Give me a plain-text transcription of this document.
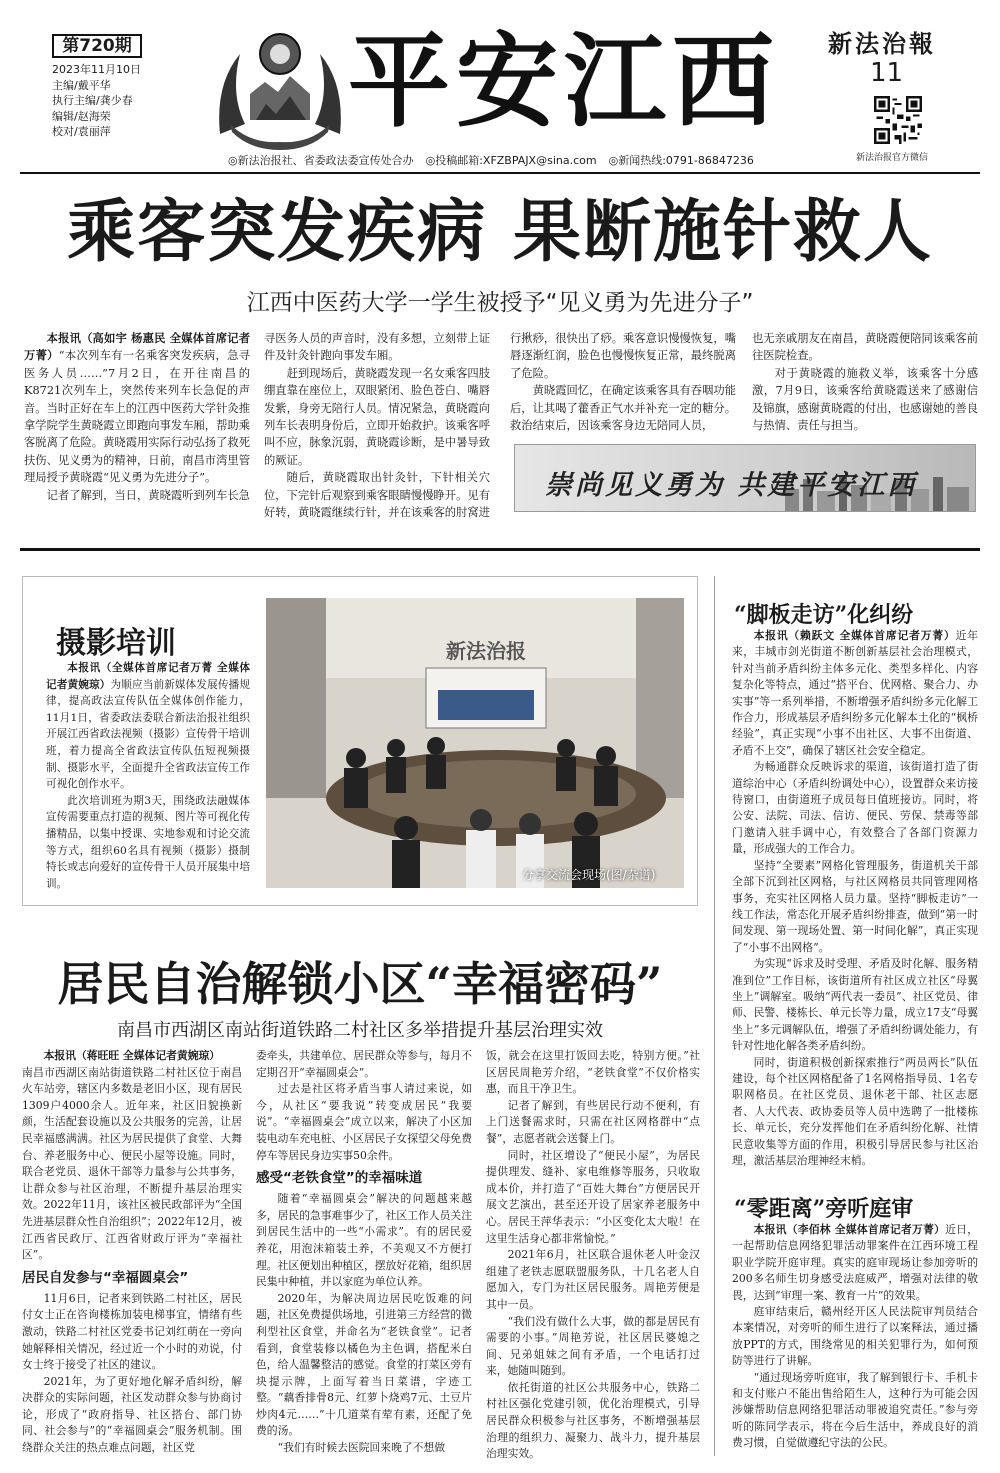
第720期
2023年11月10日
主编/戴平华
执行主编/龚少春
编辑/赵海荣
校对/袁丽萍 平安江西 新法治報
11
新法治报官方微信
◎新法治报社、省委政法委宣传处合办 ◎投稿邮箱:XFZBPAJX@sina.com ◎新闻热线:0791-86847236
乘客突发疾病 果断施针救人
江西中医药大学一学生被授予“见义勇为先进分子”

本报讯（高如宇 杨惠民 全媒体首席记者万菁）“本次列车有一名乘客突发疾病，急寻医务人员……”7月2日，在开往南昌的K8721次列车上，突然传来列车长急促的声音。当时正好在车上的江西中医药大学针灸推拿学院学生黄晓霞立即跑向事发车厢，帮助乘客脱离了危险。黄晓霞用实际行动弘扬了救死扶伤、见义勇为的精神，日前，南昌市湾里管理局授予黄晓霞“见义勇为先进分子”。

记者了解到，当日，黄晓霞听到列车长急

寻医务人员的声音时，没有多想，立刻带上证件及针灸针跑向事发车厢。

赶到现场后，黄晓霞发现一名女乘客四肢绷直靠在座位上，双眼紧闭、脸色苍白、嘴唇发紫，身旁无陪行人员。情况紧急，黄晓霞向列车长表明身份后，立即开始救护。该乘客呼叫不应，脉象沉弱，黄晓霞诊断，是中暑导致的厥证。

随后，黄晓霞取出针灸针，下针相关穴位，下完针后观察到乘客眼睛慢慢睁开。见有好转，黄晓霞继续行针，并在该乘客的肘窝进

行揪痧，很快出了痧。乘客意识慢慢恢复，嘴唇逐渐红润，脸色也慢慢恢复正常，最终脱离了危险。

黄晓霞回忆，在确定该乘客具有吞咽功能后，让其喝了藿香正气水并补充一定的糖分。救治结束后，因该乘客身边无陪同人员，

也无亲戚朋友在南昌，黄晓霞便陪同该乘客前往医院检查。

对于黄晓霞的施救义举，该乘客十分感激，7月9日，该乘客给黄晓霞送来了感谢信及锦旗，感谢黄晓霞的付出，也感谢她的善良与热情、责任与担当。

崇尚见义勇为 共建平安江西
摄影培训

本报讯（全媒体首席记者万菁 全媒体记者黄婉琼）为顺应当前新媒体发展传播规律，提高政法宣传队伍全媒体创作能力，11月1日，省委政法委联合新法治报社组织开展江西省政法视频（摄影）宣传骨干培训班，着力提高全省政法宣传队伍短视频摄制、摄影水平，全面提升全省政法宣传工作可视化创作水平。

此次培训班为期3天，围绕政法融媒体宣传需要重点打造的视频、图片等可视化传播精品，以集中授课、实地参观和讨论交流等方式，组织60名具有视频（摄影）摄制特长或志向爱好的宣传骨干人员开展集中培训。

新法治报
分享交流会现场(图/杂谱)
居民自治解锁小区“幸福密码”
南昌市西湖区南站街道铁路二村社区多举措提升基层治理实效

本报讯（蒋旺旺 全媒体记者黄婉琼）

南昌市西湖区南站街道铁路二村社区位于南昌火车站旁，辖区内多数是老旧小区，现有居民1309户4000余人。近年来，社区旧貌换新颜，生活配套设施以及公共服务的完善，让居民幸福感满满。社区为居民提供了食堂、大舞台、养老服务中心、便民小屋等设施。同时，联合老党员、退休干部等力量参与公共事务，让群众参与社区治理，不断提升基层治理实效。2022年11月，该社区被民政部评为“全国先进基层群众性自治组织”；2022年12月，被江西省民政厅、江西省财政厅评为“幸福社区”。

居民自发参与“幸福圆桌会”

11月6日，记者来到铁路二村社区，居民付女士正在咨询楼栋加装电梯事宜，情绪有些激动，铁路二村社区党委书记刘红萌在一旁向她解释相关情况，经过近一个小时的劝说，付女士终于接受了社区的建议。

2021年，为了更好地化解矛盾纠纷，解决群众的实际问题，社区发动群众参与协商讨论，形成了“政府指导、社区搭台、部门协同、社会参与”的“幸福圆桌会”服务机制。围绕群众关注的热点难点问题，社区党

委牵头，共建单位、居民群众等参与，每月不定期召开“幸福圆桌会”。

过去是社区将矛盾当事人请过来说，如今，从社区“要我说”转变成居民“我要说”。“幸福圆桌会”成立以来，解决了小区加装电动车充电桩、小区居民子女探望父母免费停车等居民身边实事50余件。

感受“老铁食堂”的幸福味道

随着“幸福圆桌会”解决的问题越来越多，居民的急事难事少了，社区工作人员关注到居民生活中的一些“小需求”。有的居民爱养花，用泡沫箱装土养，不美观又不方便打理。社区便划出种植区，摆放好花箱，组织居民集中种植，并以家庭为单位认养。

2020年，为解决周边居民吃饭难的问题，社区免费提供场地，引进第三方经营的微利型社区食堂，并命名为“老铁食堂”。记者看到，食堂装修以橘色为主色调，搭配米白色，给人温馨整洁的感觉。食堂的打菜区旁有块提示牌，上面写着当日菜谱，字迹工整。“藕香排骨8元、红萝卜烧鸡7元、土豆片炒肉4元……”十几道菜有荤有素，还配了免费的汤。

“我们有时候去医院回来晚了不想做

饭，就会在这里打饭回去吃，特别方便。”社区居民周艳芳介绍，“老铁食堂”不仅价格实惠，而且干净卫生。

记者了解到，有些居民行动不便利，有上门送餐需求时，只需在社区网格群中“点餐”，志愿者就会送餐上门。

同时，社区增设了“便民小屋”，为居民提供理发、缝补、家电维修等服务，只收取成本价，并打造了“百姓大舞台”方便居民开展文艺演出，甚至还开设了居家养老服务中心。居民王萍华表示：“小区变化太大啦！在这里生活身心都非常愉悦。”

2021年6月，社区联合退休老人叶金汉组建了老铁志愿联盟服务队，十几名老人自愿加入，专门为社区居民服务。周艳芳便是其中一员。

“我们没有做什么大事，做的都是居民有需要的小事。”周艳芳说，社区居民婆媳之间、兄弟姐妹之间有矛盾，一个电话打过来，她随叫随到。

依托街道的社区公共服务中心，铁路二村社区强化党建引领，优化治理模式，引导居民群众积极参与社区事务，不断增强基层治理的组织力、凝聚力、战斗力，提升基层治理实效。

“脚板走访”化纠纷

本报讯（赖跃文 全媒体首席记者万菁）近年来，丰城市剑光街道不断创新基层社会治理模式，针对当前矛盾纠纷主体多元化、类型多样化、内容复杂化等特点，通过“搭平台、优网格、聚合力、办实事”等一系列举措，不断增强矛盾纠纷多元化解工作合力，形成基层矛盾纠纷多元化解本土化的“枫桥经验”，真正实现“小事不出社区、大事不出街道、矛盾不上交”，确保了辖区社会安全稳定。

为畅通群众反映诉求的渠道，该街道打造了街道综治中心（矛盾纠纷调处中心），设置群众来访接待窗口，由街道班子成员每日值班接访。同时，将公安、法院、司法、信访、便民、劳保、禁毒等部门邀请入驻手调中心，有效整合了各部门资源力量，形成强大的工作合力。

坚持“全要素”网格化管理服务，街道机关干部全部下沉到社区网格，与社区网格员共同管理网格事务，充实社区网格人员力量。坚持“脚板走访”一线工作法，常态化开展矛盾纠纷排查，做到“第一时间发现、第一现场处置、第一时间化解”，真正实现了“小事不出网格”。

为实现“诉求及时受理、矛盾及时化解、服务精准到位”工作目标，该街道所有社区成立社区“母翼坐上”调解室。吸纳“两代表一委员”、社区党员、律师、民警、楼栋长、单元长等力量，成立17支“母翼坐上”多元调解队伍，增强了矛盾纠纷调处能力，有针对性地化解各类矛盾纠纷。

同时，街道积极创新探索推行“两员两长”队伍建设，每个社区网格配备了1名网格指导员、1名专职网格员。在社区党员、退休老干部、社区志愿者、人大代表、政协委员等人员中选聘了一批楼栋长、单元长，充分发挥他们在矛盾纠纷化解、社情民意收集等方面的作用，积极引导居民参与社区治理，激活基层治理神经末梢。

“零距离”旁听庭审

本报讯（李佰林 全媒体首席记者万菁）近日，一起帮助信息网络犯罪活动罪案件在江西环境工程职业学院开庭审理。真实的庭审现场让参加旁听的200多名师生切身感受法庭威严，增强对法律的敬畏，达到“审理一案、教育一片”的效果。

庭审结束后，赣州经开区人民法院审判员结合本案情况，对旁听的师生进行了以案释法，通过播放PPT的方式，围绕常见的相关犯罪行为，如何预防等进行了讲解。

“通过现场旁听庭审，我了解到银行卡、手机卡和支付账户不能出售给陌生人，这种行为可能会因涉嫌帮助信息网络犯罪活动罪被追究责任。”参与旁听的陈同学表示，将在今后生活中，养成良好的消费习惯，自觉做遵纪守法的公民。
